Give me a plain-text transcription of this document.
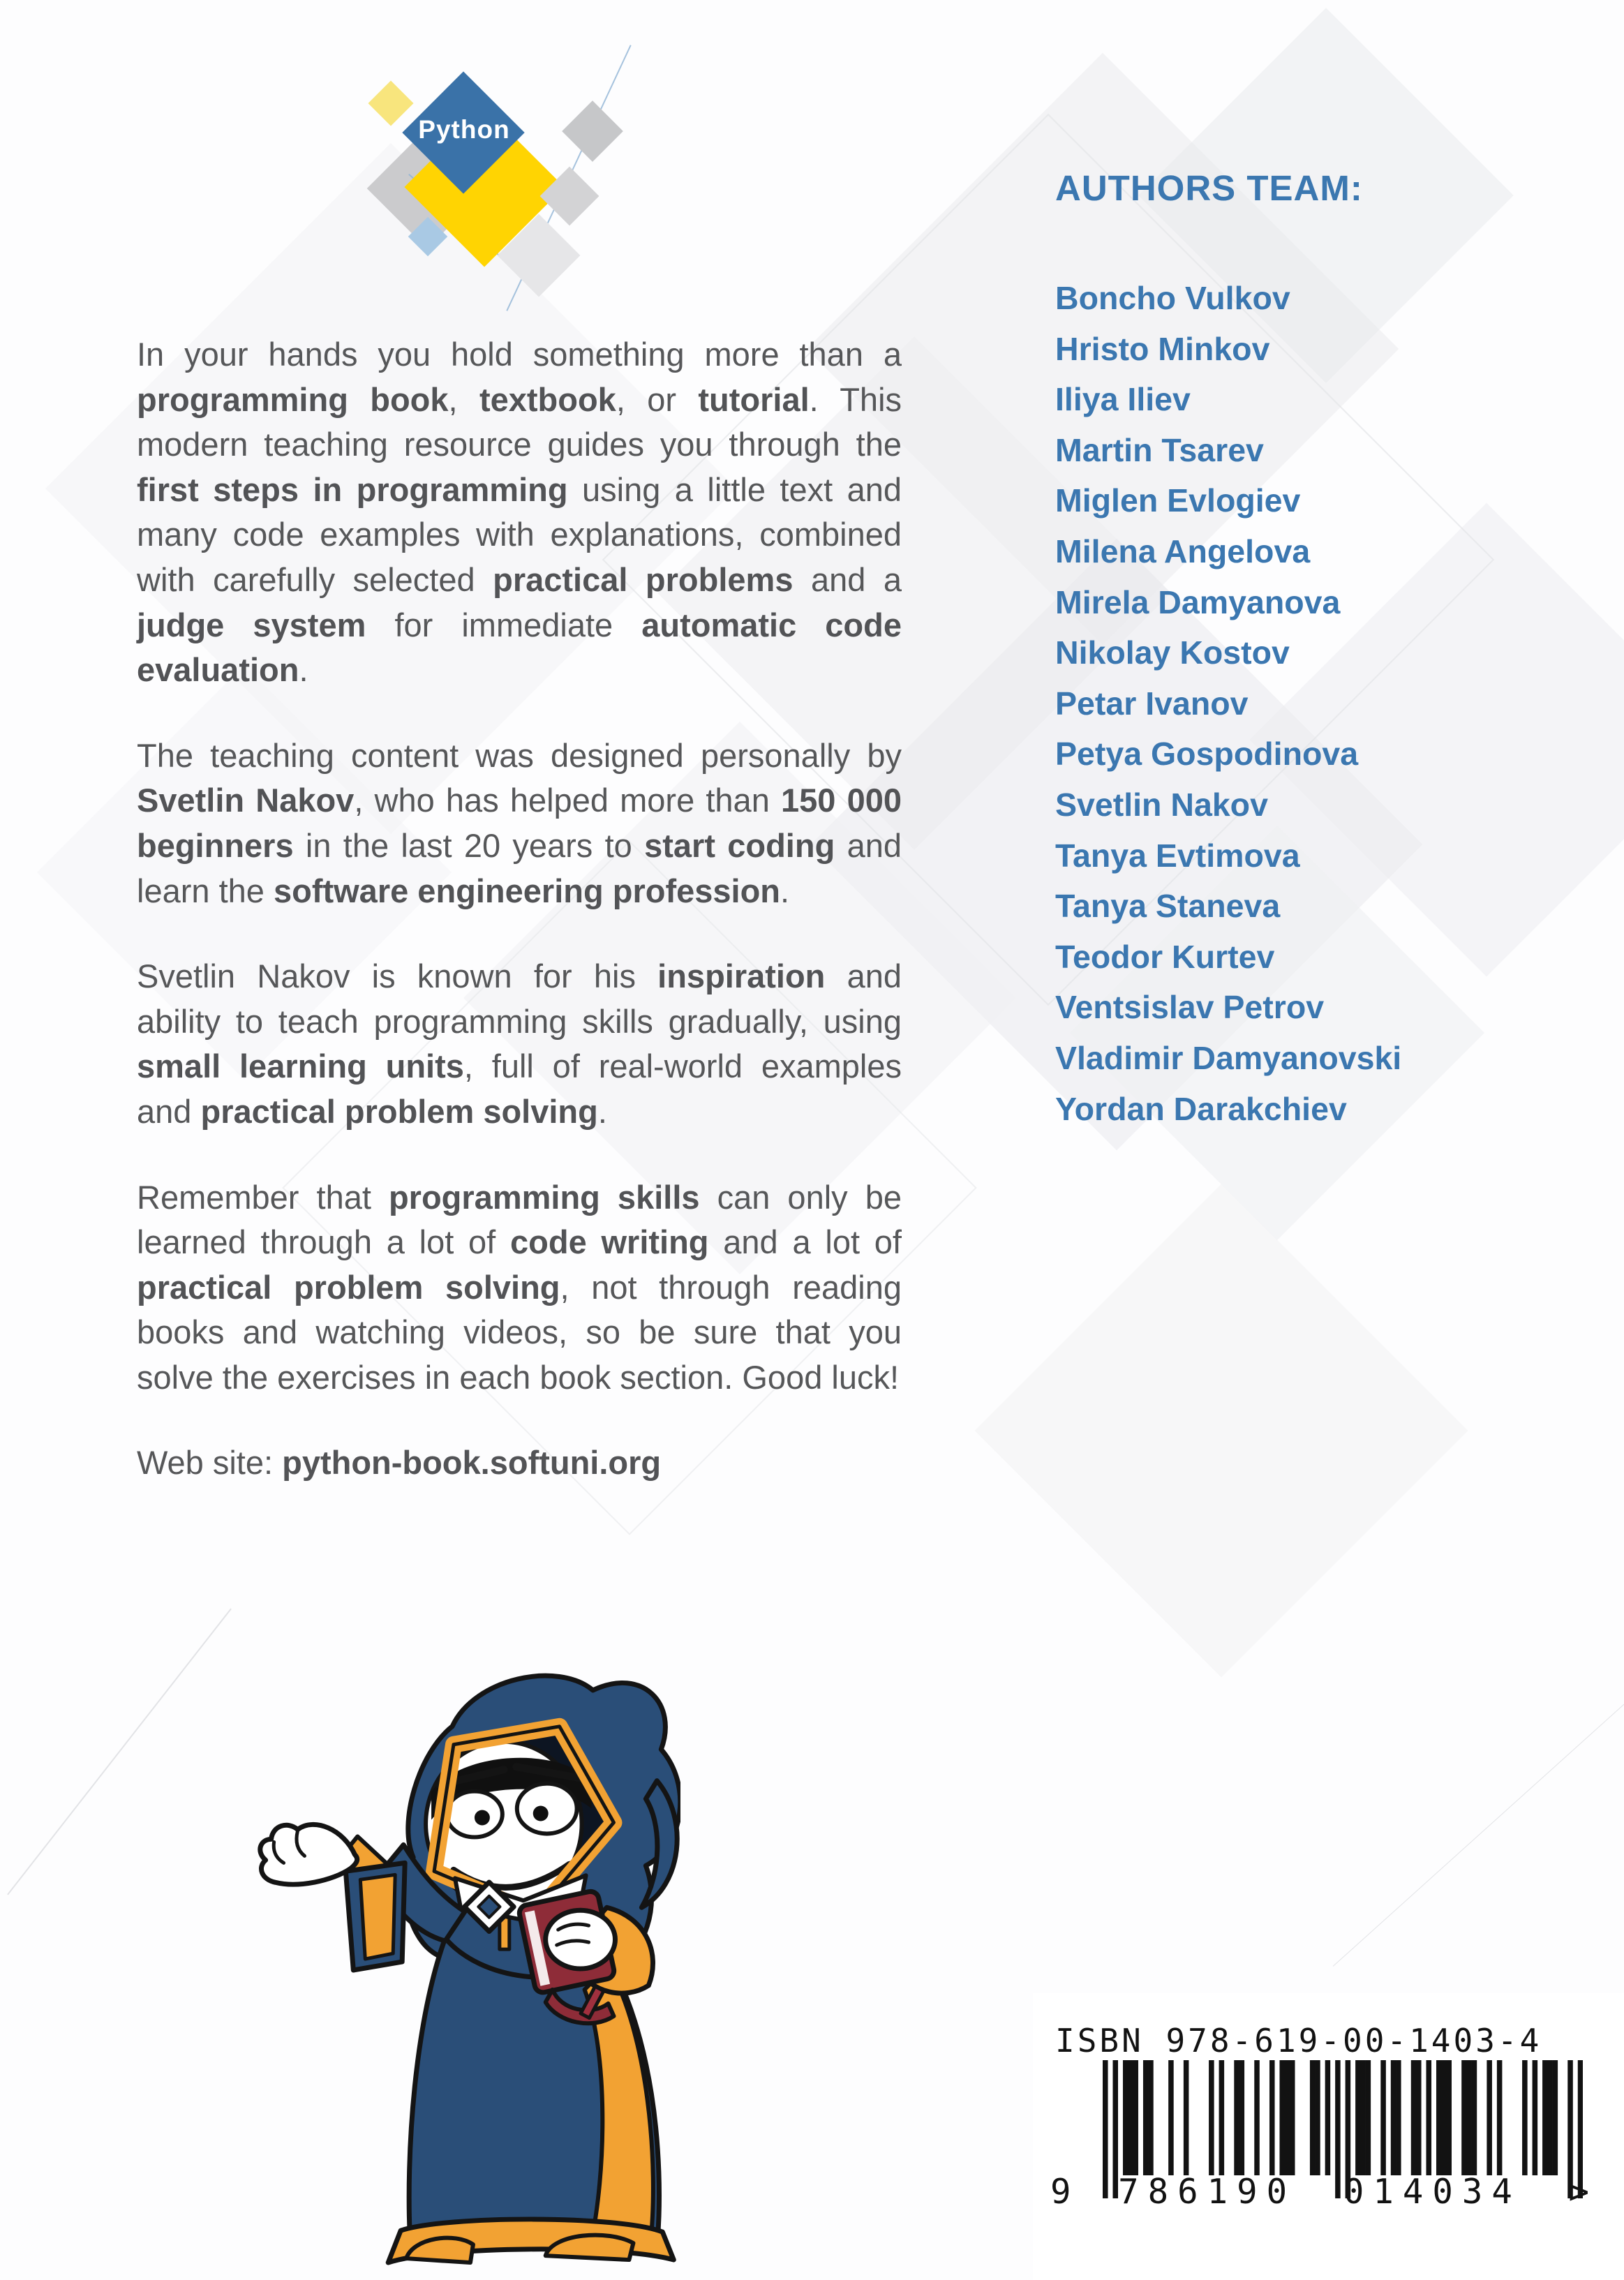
Python

In your hands you hold something more than a programming book, textbook, or tutorial. This modern teaching resource guides you through the first steps in programming using a little text and many code examples with explanations, combined with carefully selected practical problems and a judge system for immediate automatic code evaluation.

The teaching content was designed personally by Svetlin Nakov, who has helped more than 150 000 beginners in the last 20 years to start coding and learn the software engineering profession.

Svetlin Nakov is known for his inspiration and ability to teach programming skills gradually, using small learning units, full of real-world examples and practical problem solving.

Remember that programming skills can only be learned through a lot of code writing and a lot of practical problem solving, not through reading books and watching videos, so be sure that you solve the exercises in each book section. Good luck!

Web site: python-book.softuni.org

AUTHORS TEAM:
Boncho Vulkov
Hristo Minkov
Iliya Iliev
Martin Tsarev
Miglen Evlogiev
Milena Angelova
Mirela Damyanova
Nikolay Kostov
Petar Ivanov
Petya Gospodinova
Svetlin Nakov
Tanya Evtimova
Tanya Staneva
Teodor Kurtev
Ventsislav Petrov
Vladimir Damyanovski
Yordan Darakchiev
ISBN 978-619-00-1403-4
9 786190 014034 >
